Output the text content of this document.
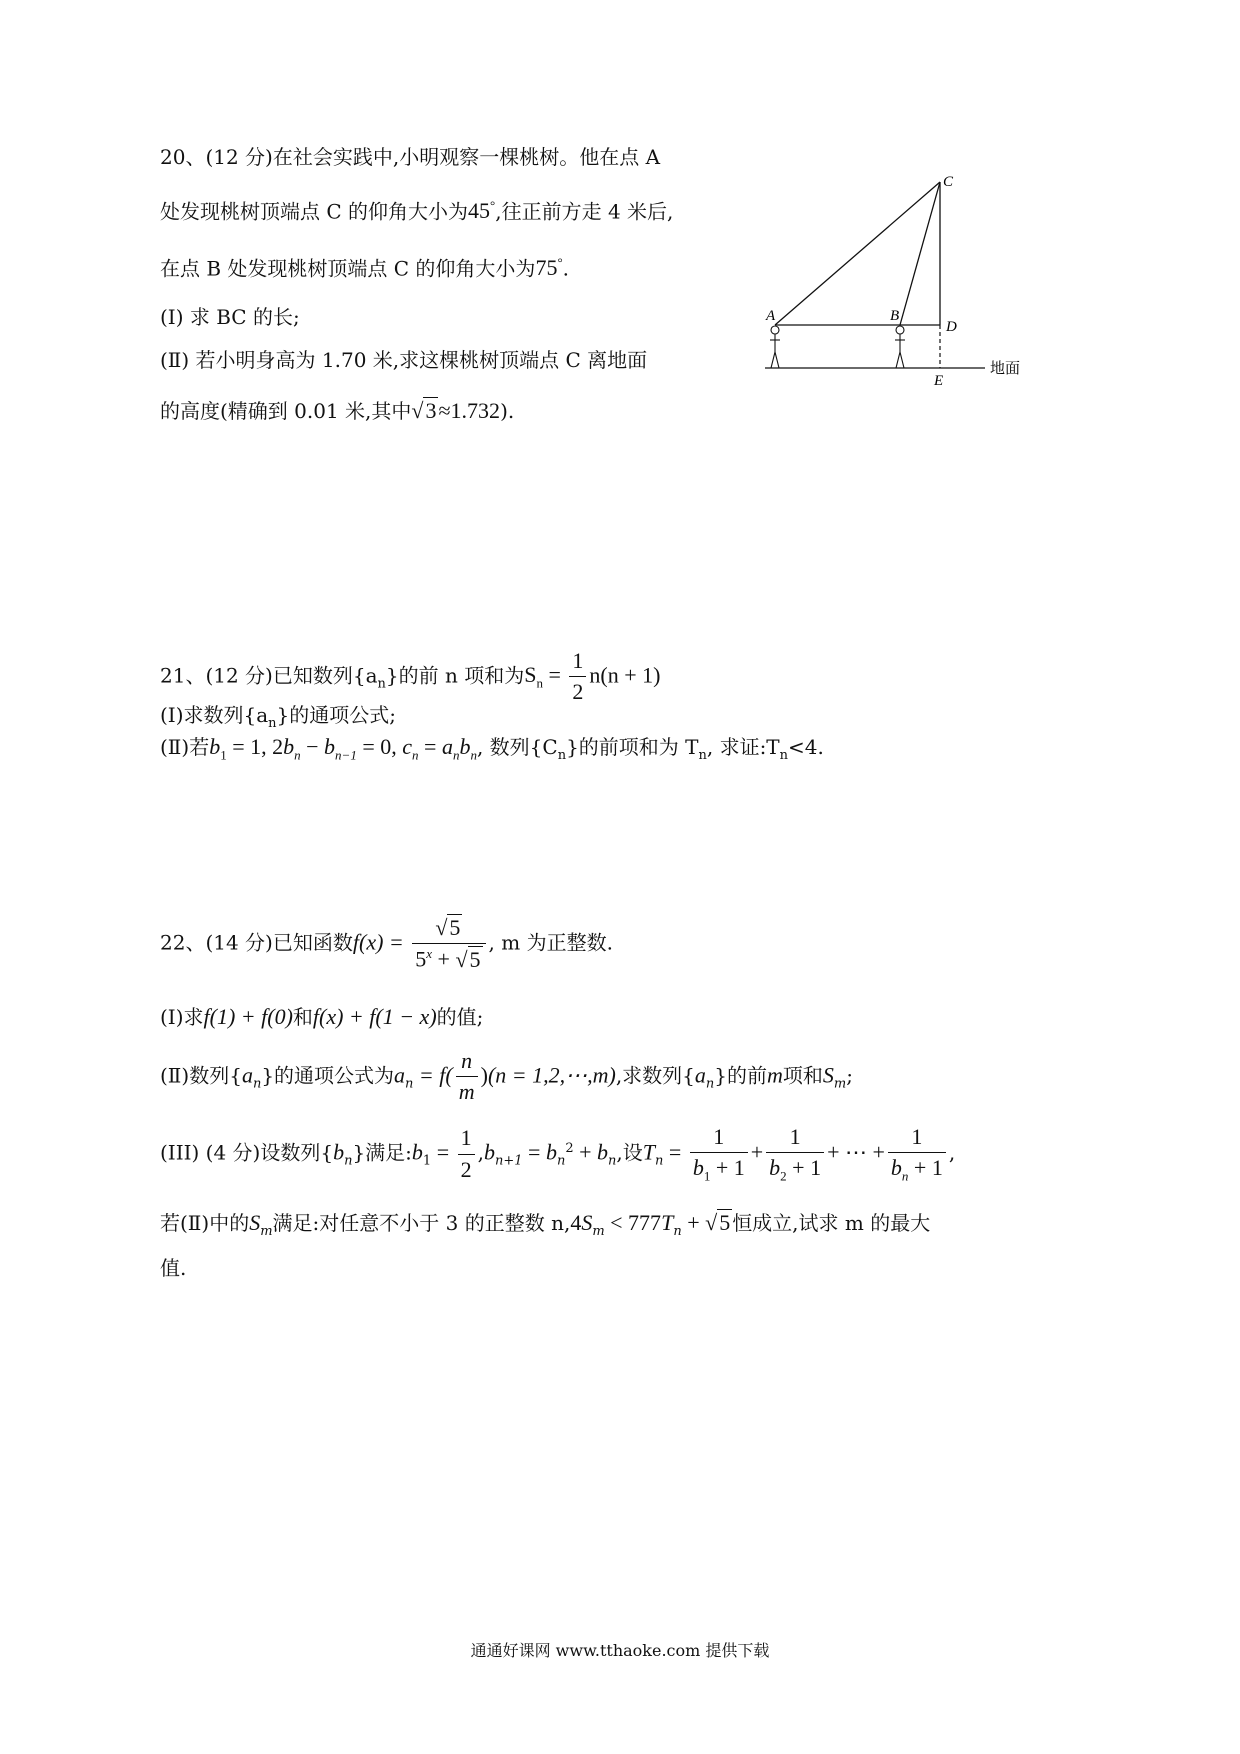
20、(12 分)在社会实践中,小明观察一棵桃树。他在点 A
处发现桃树顶端点 C 的仰角大小为45°,往正前方走 4 米后,
在点 B 处发现桃树顶端点 C 的仰角大小为75°.
(Ⅰ) 求 BC 的长;
(Ⅱ) 若小明身高为 1.70 米,求这棵桃树顶端点 C 离地面
的高度(精确到 0.01 米,其中√3≈1.732).
A	B
C
D
E
地面
21、(12 分)已知数列$\{a_n\}$的前 n 项和为$S_n = \frac{1}{2} n(n + 1)$
(Ⅰ)求数列$\{a_n\}$的通项公式;
(Ⅱ)若$b_1 = 1$, $2b_n - b_{n-1} = 0$, $c_n = a_nb_n$, 数列$\{C_n\}$的前项和为 $T_n$, 求证$:T_n<4$.
22、(14 分)已知函数$f(x) = \frac{√5}{5^x + √5}$ , m 为正整数.
(Ⅰ)求f(1) + f(0)和f(x) + f(1 − x)的值;
(Ⅱ)数列$\{a_n\}$的通项公式为$a_n = f( \frac{n}{m} )(n$ = 1,2,⋯,m),求数列$\{a_n\}$的前m项和$S_m$;
(III) (4 分)设数列$\{b_n\}$满足$:b_1 = \frac{1}{2} ,b_{n+1} = b_n^2 + b_n$,设$T_n = \frac{1}{b_1 + 1} + \frac{1}{b_2 + 1}$ + ⋯ + $\frac{1}{b_n + 1}$ ,
若(Ⅱ)中的$S_m$满足:对任意不小于 3 的正整数 $n,4S_m < 777T_n + √5$ 恒成立,试求 m 的最大
值.
通通好课网 www.tthaoke.com 提供下载
